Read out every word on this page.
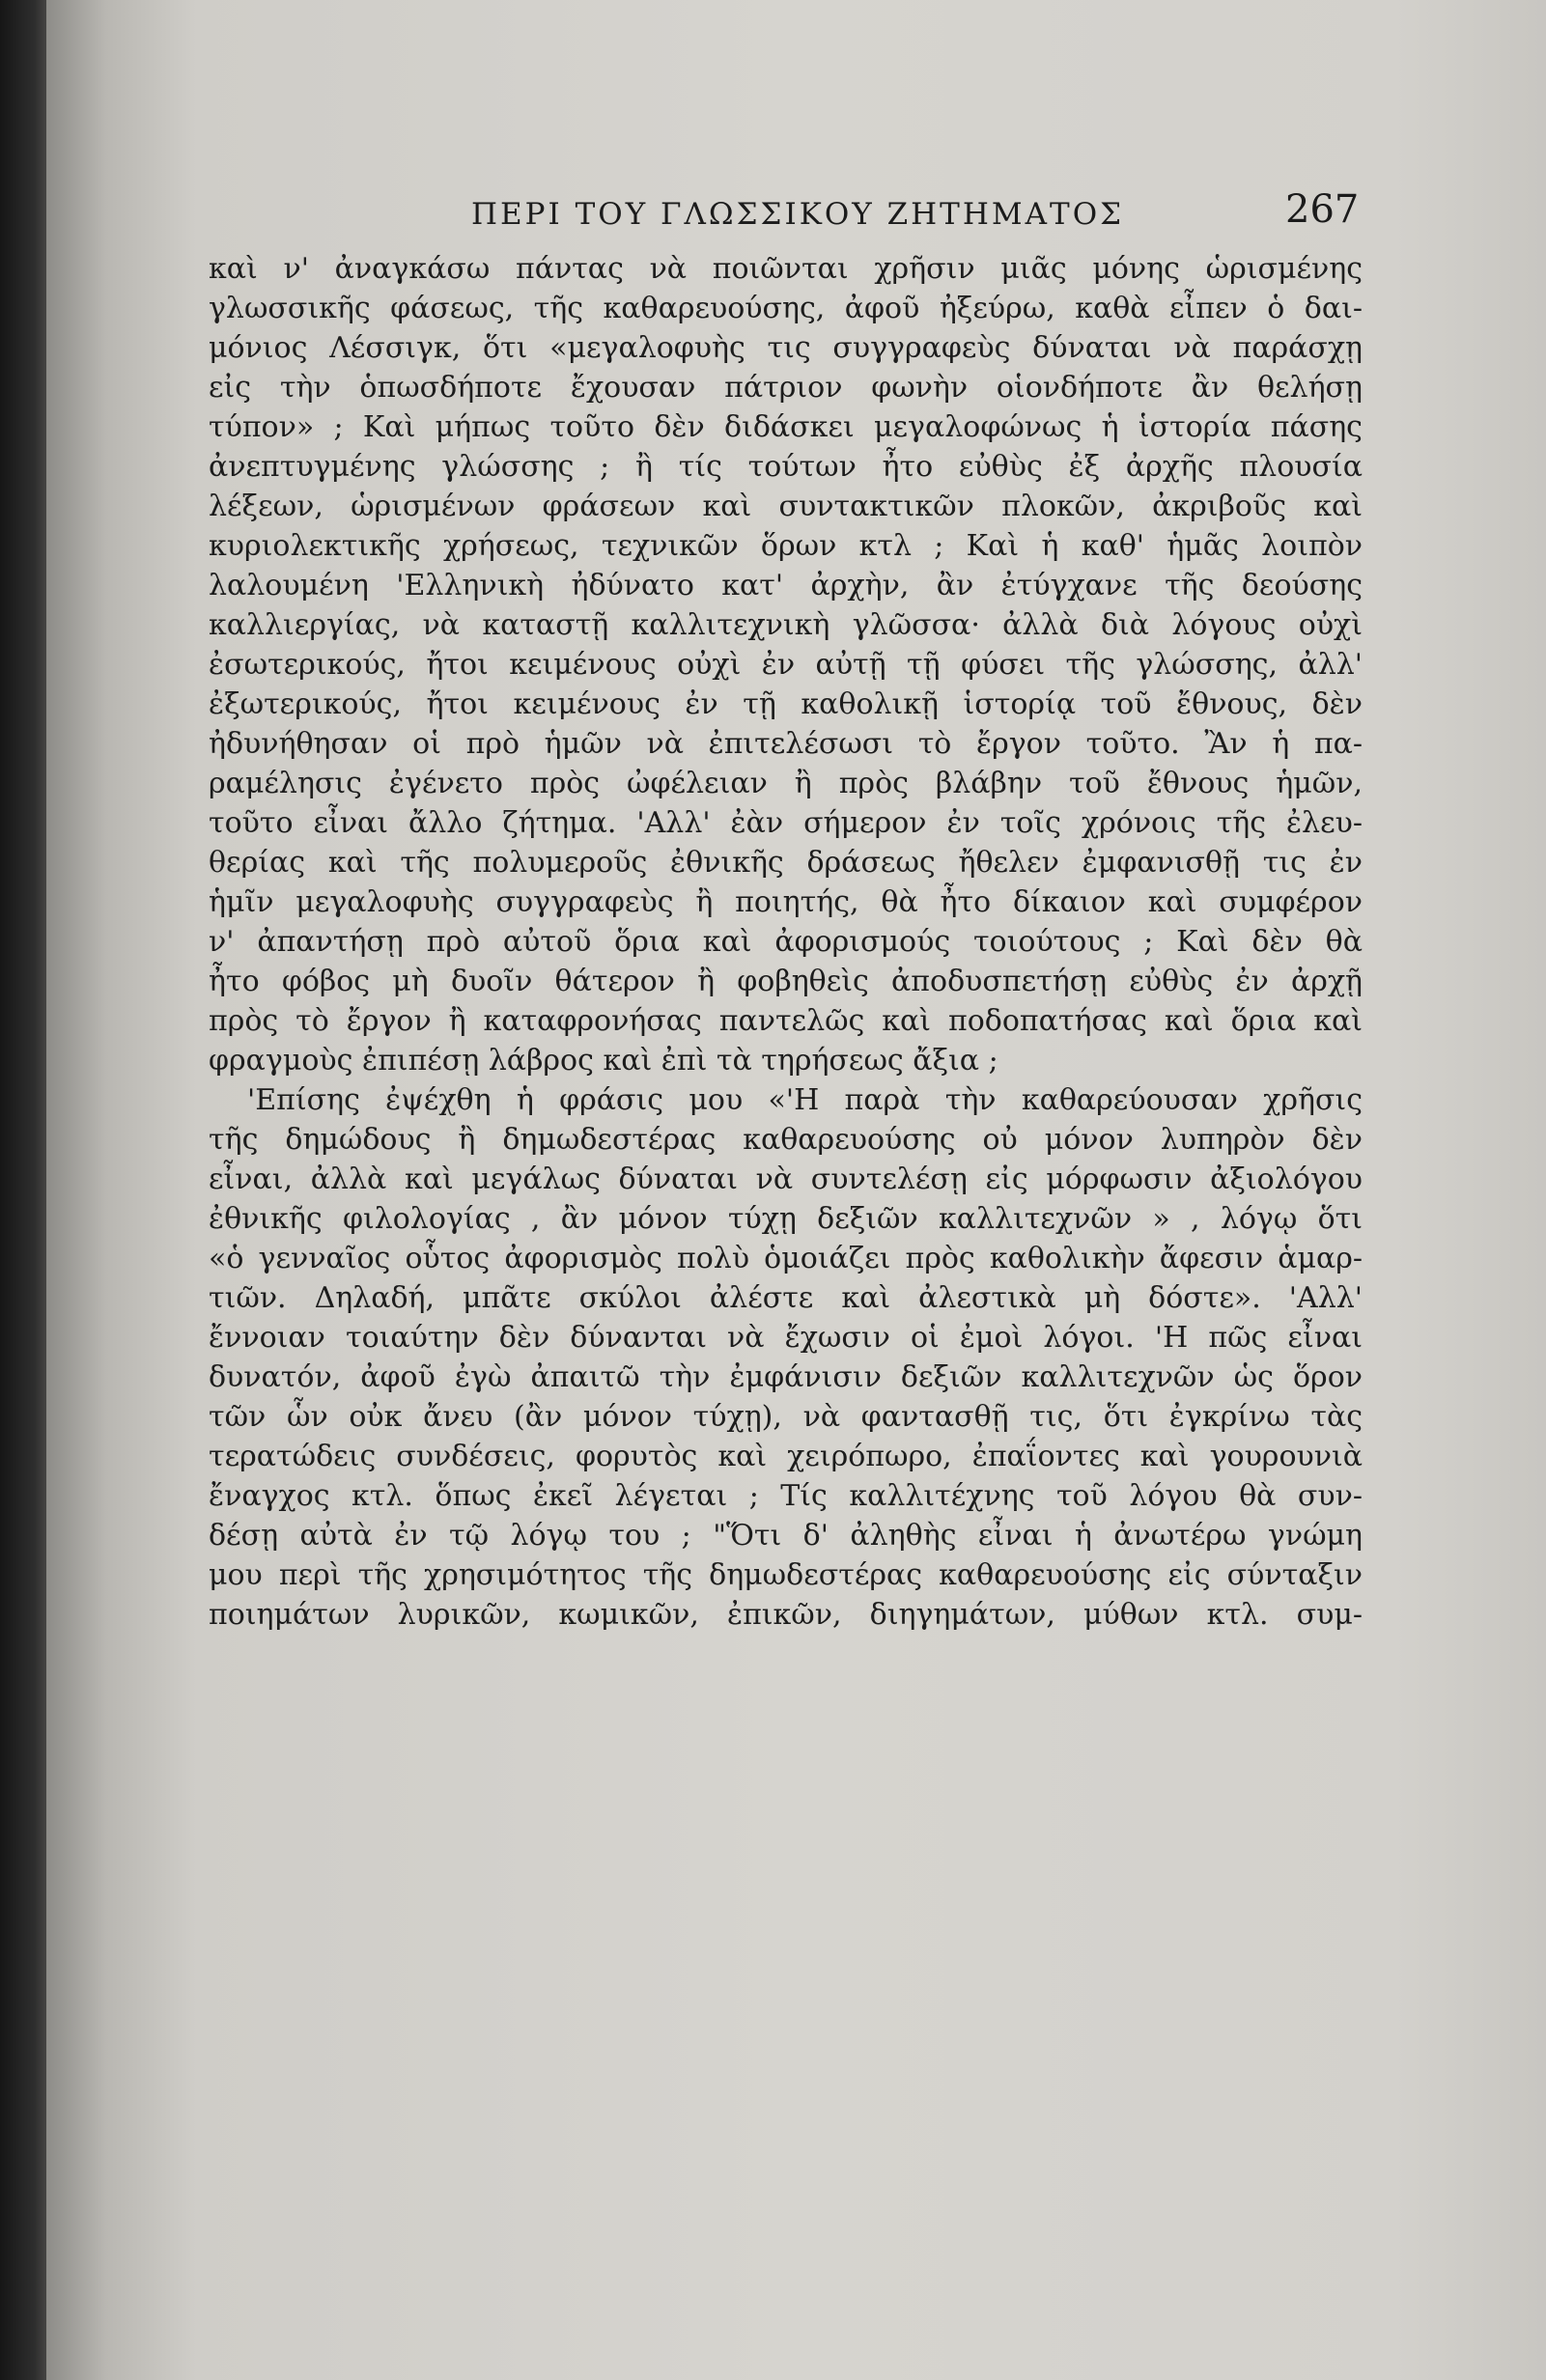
ΠΕΡΙ ΤΟΥ ΓΛΩΣΣΙΚΟΥ ΖΗΤΗΜΑΤΟΣ	267
καὶ ν' ἀναγκάσω πάντας νὰ ποιῶνται χρῆσιν μιᾶς μόνης ὡρισμένης
γλωσσικῆς φάσεως, τῆς καθαρευούσης, ἀφοῦ ἠξεύρω, καθὰ εἶπεν ὁ δαι-
μόνιος Λέσσιγκ, ὅτι «μεγαλοφυὴς τις συγγραφεὺς δύναται νὰ παράσχῃ
εἰς τὴν ὁπωσδήποτε ἔχουσαν πάτριον φωνὴν οἱονδήποτε ἂν θελήσῃ
τύπον» ; Καὶ μήπως τοῦτο δὲν διδάσκει μεγαλοφώνως ἡ ἱστορία πάσης
ἀνεπτυγμένης γλώσσης ; ἢ τίς τούτων ἦτο εὐθὺς ἐξ ἀρχῆς πλουσία
λέξεων, ὡρισμένων φράσεων καὶ συντακτικῶν πλοκῶν, ἀκριβοῦς καὶ
κυριολεκτικῆς χρήσεως, τεχνικῶν ὅρων κτλ ; Καὶ ἡ καθ' ἡμᾶς λοιπὸν
λαλουμένη 'Ελληνικὴ ἠδύνατο κατ' ἀρχὴν, ἂν ἐτύγχανε τῆς δεούσης
καλλιεργίας, νὰ καταστῇ καλλιτεχνικὴ γλῶσσα· ἀλλὰ διὰ λόγους οὐχὶ
ἐσωτερικούς, ἤτοι κειμένους οὐχὶ ἐν αὐτῇ τῇ φύσει τῆς γλώσσης, ἀλλ'
ἐξωτερικούς, ἤτοι κειμένους ἐν τῇ καθολικῇ ἱστορίᾳ τοῦ ἔθνους, δὲν
ἠδυνήθησαν οἱ πρὸ ἡμῶν νὰ ἐπιτελέσωσι τὸ ἔργον τοῦτο. Ἂν ἡ πα-
ραμέλησις ἐγένετο πρὸς ὠφέλειαν ἢ πρὸς βλάβην τοῦ ἔθνους ἡμῶν,
τοῦτο εἶναι ἄλλο ζήτημα. 'Αλλ' ἐὰν σήμερον ἐν τοῖς χρόνοις τῆς ἐλευ-
θερίας καὶ τῆς πολυμεροῦς ἐθνικῆς δράσεως ἤθελεν ἐμφανισθῇ τις ἐν
ἡμῖν μεγαλοφυὴς συγγραφεὺς ἢ ποιητής, θὰ ἦτο δίκαιον καὶ συμφέρον
ν' ἀπαντήσῃ πρὸ αὐτοῦ ὅρια καὶ ἀφορισμούς τοιούτους ; Καὶ δὲν θὰ
ἦτο φόβος μὴ δυοῖν θάτερον ἢ φοβηθεὶς ἀποδυσπετήσῃ εὐθὺς ἐν ἀρχῇ
πρὸς τὸ ἔργον ἢ καταφρονήσας παντελῶς καὶ ποδοπατήσας καὶ ὅρια καὶ
φραγμοὺς ἐπιπέσῃ λάβρος καὶ ἐπὶ τὰ τηρήσεως ἄξια ;
'Επίσης ἐψέχθη ἡ φράσις μου «'Η παρὰ τὴν καθαρεύουσαν χρῆσις
τῆς δημώδους ἢ δημωδεστέρας καθαρευούσης οὐ μόνον λυπηρὸν δὲν
εἶναι, ἀλλὰ καὶ μεγάλως δύναται νὰ συντελέσῃ εἰς μόρφωσιν ἀξιολόγου
ἐθνικῆς φιλολογίας , ἂν μόνον τύχῃ δεξιῶν καλλιτεχνῶν » , λόγῳ ὅτι
«ὁ γενναῖος οὗτος ἀφορισμὸς πολὺ ὁμοιάζει πρὸς καθολικὴν ἄφεσιν ἁμαρ-
τιῶν. Δηλαδή, μπᾶτε σκύλοι ἀλέστε καὶ ἀλεστικὰ μὴ δόστε». 'Αλλ'
ἔννοιαν τοιαύτην δὲν δύνανται νὰ ἔχωσιν οἱ ἐμοὶ λόγοι. 'Η πῶς εἶναι
δυνατόν, ἀφοῦ ἐγὼ ἀπαιτῶ τὴν ἐμφάνισιν δεξιῶν καλλιτεχνῶν ὡς ὅρον
τῶν ὧν οὐκ ἄνευ (ἂν μόνον τύχῃ), νὰ φαντασθῇ τις, ὅτι ἐγκρίνω τὰς
τερατώδεις συνδέσεις, φορυτὸς καὶ χειρόπωρο, ἐπαΐοντες καὶ γουρουνιὰ
ἔναγχος κτλ. ὅπως ἐκεῖ λέγεται ; Τίς καλλιτέχνης τοῦ λόγου θὰ συν-
δέσῃ αὐτὰ ἐν τῷ λόγῳ του ; "Ὅτι δ' ἀληθὴς εἶναι ἡ ἀνωτέρω γνώμη
μου περὶ τῆς χρησιμότητος τῆς δημωδεστέρας καθαρευούσης εἰς σύνταξιν
ποιημάτων λυρικῶν, κωμικῶν, ἐπικῶν, διηγημάτων, μύθων κτλ. συμ-
